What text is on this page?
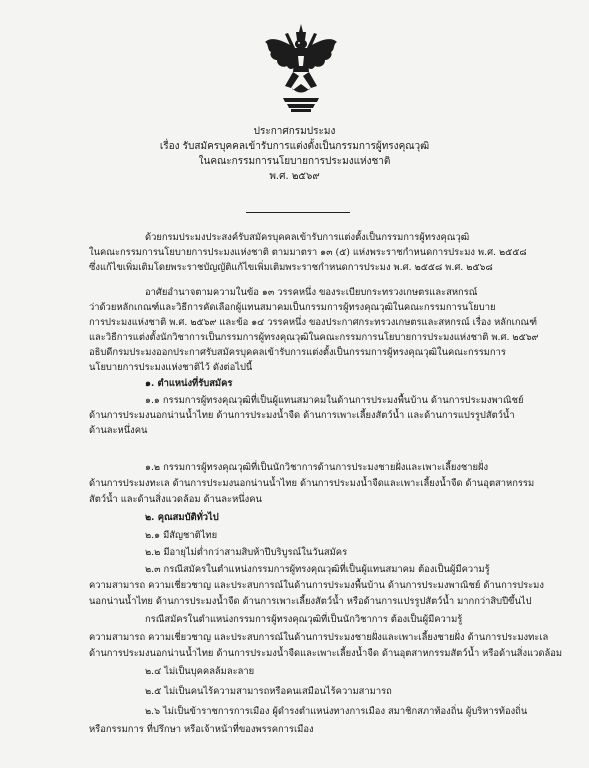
ประกาศกรมประมง
เรื่อง รับสมัครบุคคลเข้ารับการแต่งตั้งเป็นกรรมการผู้ทรงคุณวุฒิ
ในคณะกรรมการนโยบายการประมงแห่งชาติ
พ.ศ. ๒๕๖๙
ด้วยกรมประมงประสงค์รับสมัครบุคคลเข้ารับการแต่งตั้งเป็นกรรมการผู้ทรงคุณวุฒิ
ในคณะกรรมการนโยบายการประมงแห่งชาติ ตามมาตรา ๑๓ (๕) แห่งพระราชกำหนดการประมง พ.ศ. ๒๕๕๘
ซึ่งแก้ไขเพิ่มเติมโดยพระราชบัญญัติแก้ไขเพิ่มเติมพระราชกำหนดการประมง พ.ศ. ๒๕๕๘ พ.ศ. ๒๕๖๘
อาศัยอำนาจตามความในข้อ ๑๓ วรรคหนึ่ง ของระเบียบกระทรวงเกษตรและสหกรณ์
ว่าด้วยหลักเกณฑ์และวิธีการคัดเลือกผู้แทนสมาคมเป็นกรรมการผู้ทรงคุณวุฒิในคณะกรรมการนโยบาย
การประมงแห่งชาติ พ.ศ. ๒๕๖๙ และข้อ ๑๔ วรรคหนึ่ง ของประกาศกระทรวงเกษตรและสหกรณ์ เรื่อง หลักเกณฑ์
และวิธีการแต่งตั้งนักวิชาการเป็นกรรมการผู้ทรงคุณวุฒิในคณะกรรมการนโยบายการประมงแห่งชาติ พ.ศ. ๒๕๖๙
อธิบดีกรมประมงออกประกาศรับสมัครบุคคลเข้ารับการแต่งตั้งเป็นกรรมการผู้ทรงคุณวุฒิในคณะกรรมการ
นโยบายการประมงแห่งชาติไว้ ดังต่อไปนี้
๑. ตำแหน่งที่รับสมัคร
๑.๑ กรรมการผู้ทรงคุณวุฒิที่เป็นผู้แทนสมาคมในด้านการประมงพื้นบ้าน ด้านการประมงพาณิชย์
ด้านการประมงนอกน่านน้ำไทย ด้านการประมงน้ำจืด ด้านการเพาะเลี้ยงสัตว์น้ำ และด้านการแปรรูปสัตว์น้ำ
ด้านละหนึ่งคน
๑.๒ กรรมการผู้ทรงคุณวุฒิที่เป็นนักวิชาการด้านการประมงชายฝั่งและเพาะเลี้ยงชายฝั่ง
ด้านการประมงทะเล ด้านการประมงนอกน่านน้ำไทย ด้านการประมงน้ำจืดและเพาะเลี้ยงน้ำจืด ด้านอุตสาหกรรม
สัตว์น้ำ และด้านสิ่งแวดล้อม ด้านละหนึ่งคน
๒. คุณสมบัติทั่วไป
๒.๑ มีสัญชาติไทย
๒.๒ มีอายุไม่ต่ำกว่าสามสิบห้าปีบริบูรณ์ในวันสมัคร
๒.๓ กรณีสมัครในตำแหน่งกรรมการผู้ทรงคุณวุฒิที่เป็นผู้แทนสมาคม ต้องเป็นผู้มีความรู้
ความสามารถ ความเชี่ยวชาญ และประสบการณ์ในด้านการประมงพื้นบ้าน ด้านการประมงพาณิชย์ ด้านการประมง
นอกน่านน้ำไทย ด้านการประมงน้ำจืด ด้านการเพาะเลี้ยงสัตว์น้ำ หรือด้านการแปรรูปสัตว์น้ำ มากกว่าสิบปีขึ้นไป
กรณีสมัครในตำแหน่งกรรมการผู้ทรงคุณวุฒิที่เป็นนักวิชาการ ต้องเป็นผู้มีความรู้
ความสามารถ ความเชี่ยวชาญ และประสบการณ์ในด้านการประมงชายฝั่งและเพาะเลี้ยงชายฝั่ง ด้านการประมงทะเล
ด้านการประมงนอกน่านน้ำไทย ด้านการประมงน้ำจืดและเพาะเลี้ยงน้ำจืด ด้านอุตสาหกรรมสัตว์น้ำ หรือด้านสิ่งแวดล้อม
๒.๔ ไม่เป็นบุคคลล้มละลาย
๒.๕ ไม่เป็นคนไร้ความสามารถหรือคนเสมือนไร้ความสามารถ
๒.๖ ไม่เป็นข้าราชการการเมือง ผู้ดำรงตำแหน่งทางการเมือง สมาชิกสภาท้องถิ่น ผู้บริหารท้องถิ่น
หรือกรรมการ ที่ปรึกษา หรือเจ้าหน้าที่ของพรรคการเมือง
